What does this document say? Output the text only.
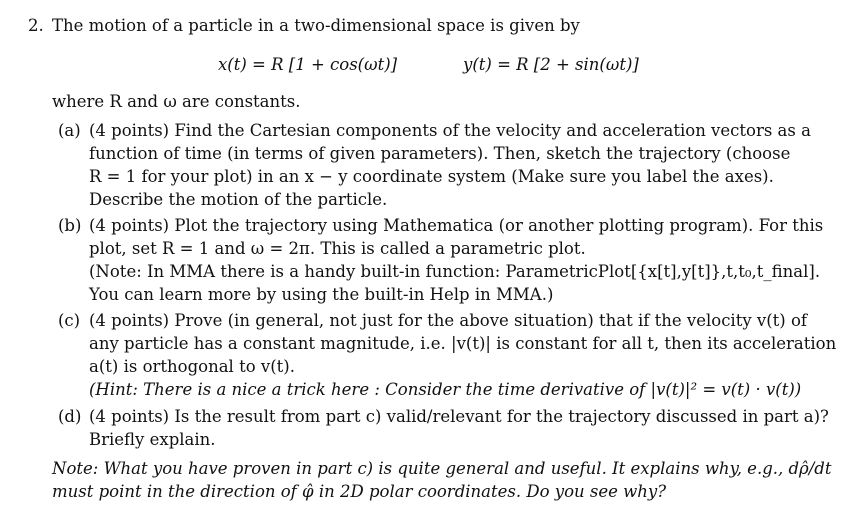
2. The motion of a particle in a two-dimensional space is given by
x(t) = R [1 + cos(ωt)]	y(t) = R [2 + sin(ωt)]
where R and ω are constants.
(a) (4 points) Find the Cartesian components of the velocity and acceleration vectors as a
function of time (in terms of given parameters). Then, sketch the trajectory (choose
R = 1 for your plot) in an x − y coordinate system (Make sure you label the axes).
Describe the motion of the particle.
(b) (4 points) Plot the trajectory using Mathematica (or another plotting program). For this
plot, set R = 1 and ω = 2π. This is called a parametric plot.
(Note: In MMA there is a handy built-in function: ParametricPlot[{x[t],y[t]},t,t₀,t_final].
You can learn more by using the built-in Help in MMA.)
(c) (4 points) Prove (in general, not just for the above situation) that if the velocity v(t) of
any particle has a constant magnitude, i.e. |v(t)| is constant for all t, then its acceleration
a(t) is orthogonal to v(t).
(Hint: There is a nice a trick here : Consider the time derivative of |v(t)|² = v(t) · v(t))
(d) (4 points) Is the result from part c) valid/relevant for the trajectory discussed in part a)?
Briefly explain.
Note: What you have proven in part c) is quite general and useful. It explains why, e.g., dρ̂/dt
must point in the direction of φ̂ in 2D polar coordinates. Do you see why?
